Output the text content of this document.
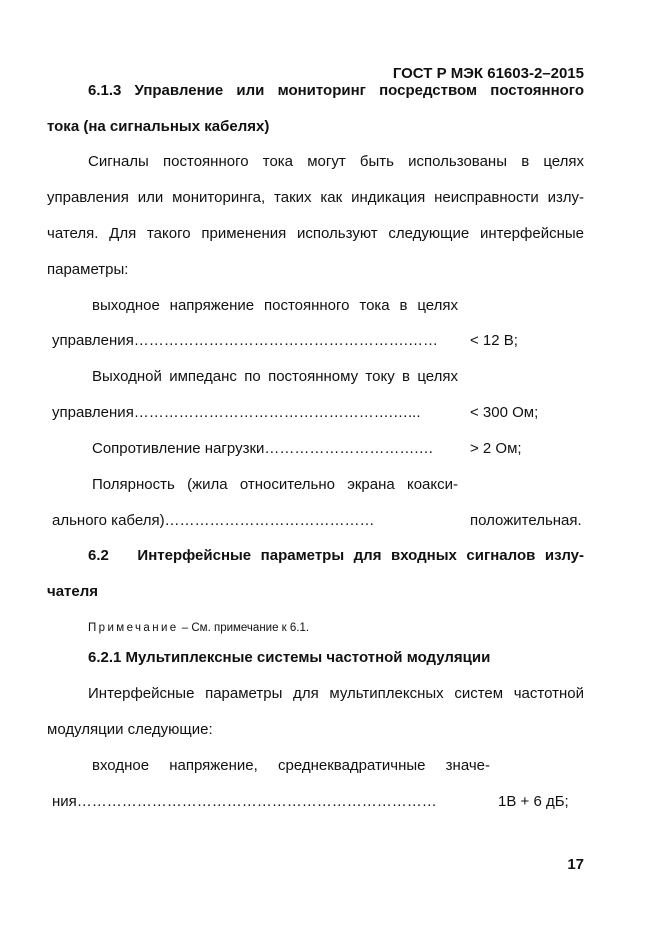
ГОСТ Р МЭК 61603-2–2015
6.1.3 Управление или мониторинг посредством постоянного
тока (на сигнальных кабелях)
Сигналы постоянного тока могут быть использованы в целях
управления или мониторинга, таких как индикация неисправности излу-
чателя. Для такого применения используют следующие интерфейсные
параметры:
выходное напряжение постоянного тока в целях
управления……………………………………………….…… < 12 В;
Выходной импеданс по постоянному току в целях
управления…………………………………………….…...	< 300 Ом;
Сопротивление нагрузки………………………….… > 2 Ом;
Полярность (жила относительно экрана коакси-
ального кабеля)……………………………………	положительная.
6.2   Интерфейсные параметры для входных сигналов излу-
чателя
Примечание – См. примечание к 6.1.
6.2.1 Мультиплексные системы частотной модуляции
Интерфейсные параметры для мультиплексных систем частотной
модуляции следующие:
входное напряжение, среднеквадратичные значе-
ния………………………………………………………………	1В + 6 дБ;
17
